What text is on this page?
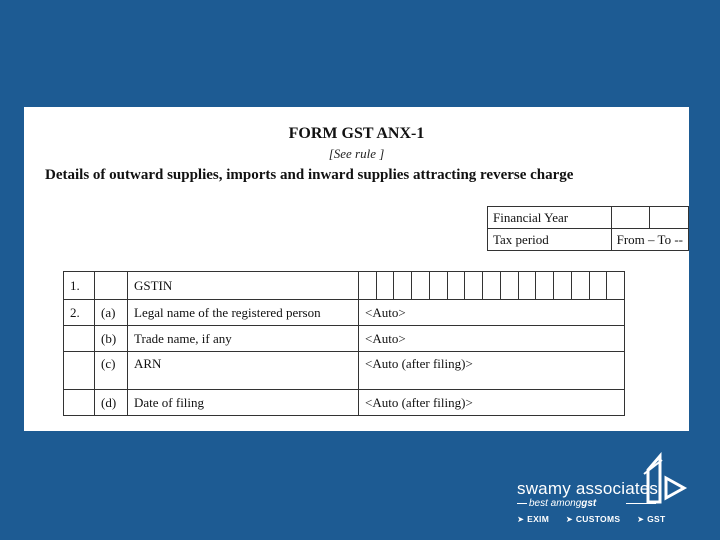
FORM GST ANX-1
[See rule ]
Details of outward supplies, imports and inward supplies attracting reverse charge
Financial Year		
Tax period	From – To --	
1.		GSTIN	

2.	(a)	Legal name of the registered person	<Auto>
	(b)	Trade name, if any	<Auto>
	(c)	ARN	<Auto (after filing)>
	(d)	Date of filing	<Auto (after filing)>
swamy associates
best amonggst
➤ EXIM ➤ CUSTOMS ➤ GST
